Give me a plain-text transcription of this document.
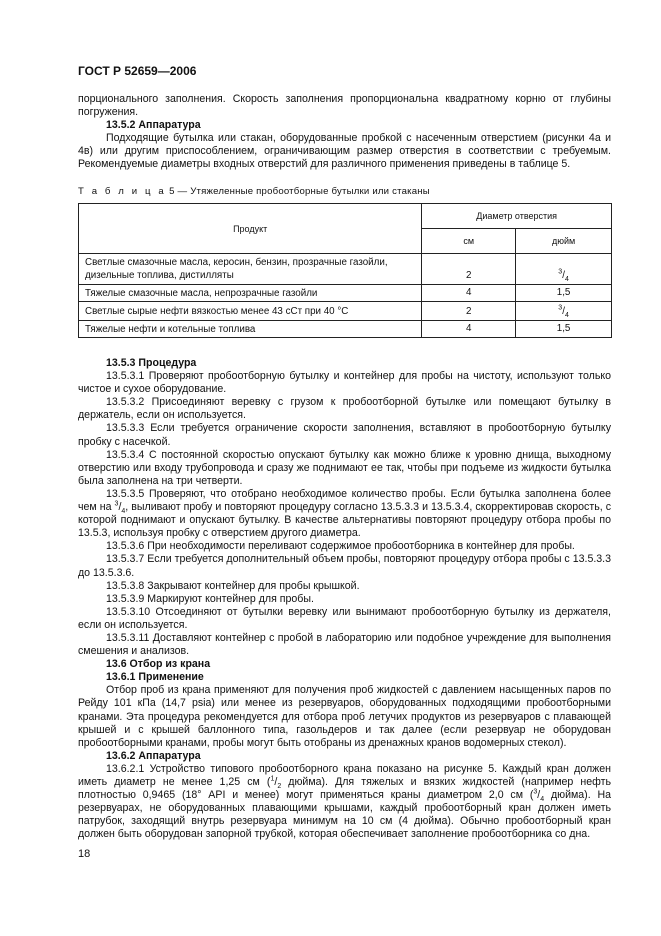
ГОСТ Р 52659—2006

порционального заполнения. Скорость заполнения пропорциональна квадратному корню от глубины погружения.

13.5.2 Аппаратура

Подходящие бутылка или стакан, оборудованные пробкой с насеченным отверстием (рисунки 4а и 4в) или другим приспособлением, ограничивающим размер отверстия в соответствии с требуемым. Рекомендуемые диаметры входных отверстий для различного применения приведены в таблице 5.

Т а б л и ц а 5 — Утяжеленные пробоотборные бутылки или стаканы
Продукт	Диаметр отверстия	
	см	дюйм
Светлые смазочные масла, керосин, бензин, прозрачные газойли, дизельные топлива, дистилляты	2	$^3/_4$
Тяжелые смазочные масла, непрозрачные газойли	4	1,5
Светлые сырые нефти вязкостью менее 43 сСт при 40 °С	2	$^3/_4$
Тяжелые нефти и котельные топлива	4	1,5
13.5.3 Процедура

13.5.3.1 Проверяют пробоотборную бутылку и контейнер для пробы на чистоту, используют только чистое и сухое оборудование.

13.5.3.2 Присоединяют веревку с грузом к пробоотборной бутылке или помещают бутылку в держатель, если он используется.

13.5.3.3 Если требуется ограничение скорости заполнения, вставляют в пробоотборную бутылку пробку с насечкой.

13.5.3.4 С постоянной скоростью опускают бутылку как можно ближе к уровню днища, выходному отверстию или входу трубопровода и сразу же поднимают ее так, чтобы при подъеме из жидкости бутылка была заполнена на три четверти.

13.5.3.5 Проверяют, что отобрано необходимое количество пробы. Если бутылка заполнена более чем на $^3/_4$, выливают пробу и повторяют процедуру согласно 13.5.3.3 и 13.5.3.4, скорректировав скорость, с которой поднимают и опускают бутылку. В качестве альтернативы повторяют процедуру отбора пробы по 13.5.3, используя пробку с отверстием другого диаметра.

13.5.3.6 При необходимости переливают содержимое пробоотборника в контейнер для пробы.

13.5.3.7 Если требуется дополнительный объем пробы, повторяют процедуру отбора пробы с 13.5.3.3 до 13.5.3.6.

13.5.3.8 Закрывают контейнер для пробы крышкой.

13.5.3.9 Маркируют контейнер для пробы.

13.5.3.10 Отсоединяют от бутылки веревку или вынимают пробоотборную бутылку из держателя, если он используется.

13.5.3.11 Доставляют контейнер с пробой в лабораторию или подобное учреждение для выполнения смешения и анализов.

13.6 Отбор из крана
13.6.1 Применение

Отбор проб из крана применяют для получения проб жидкостей с давлением насыщенных паров по Рейду 101 кПа (14,7 psia) или менее из резервуаров, оборудованных подходящими пробоотборными кранами. Эта процедура рекомендуется для отбора проб летучих продуктов из резервуаров с плавающей крышей и с крышей баллонного типа, газольдеров и так далее (если резервуар не оборудован пробоотборными кранами, пробы могут быть отобраны из дренажных кранов водомерных стекол).

13.6.2 Аппаратура

13.6.2.1 Устройство типового пробоотборного крана показано на рисунке 5. Каждый кран должен иметь диаметр не менее 1,25 см ($^1/_2$ дюйма). Для тяжелых и вязких жидкостей (например нефть плотностью 0,9465 (18° API и менее) могут применяться краны диаметром 2,0 см ($^3/_4$ дюйма). На резервуарах, не оборудованных плавающими крышами, каждый пробоотборный кран должен иметь патрубок, заходящий внутрь резервуара минимум на 10 см (4 дюйма). Обычно пробоотборный кран должен быть оборудован запорной трубкой, которая обеспечивает заполнение пробоотборника со дна.

18
